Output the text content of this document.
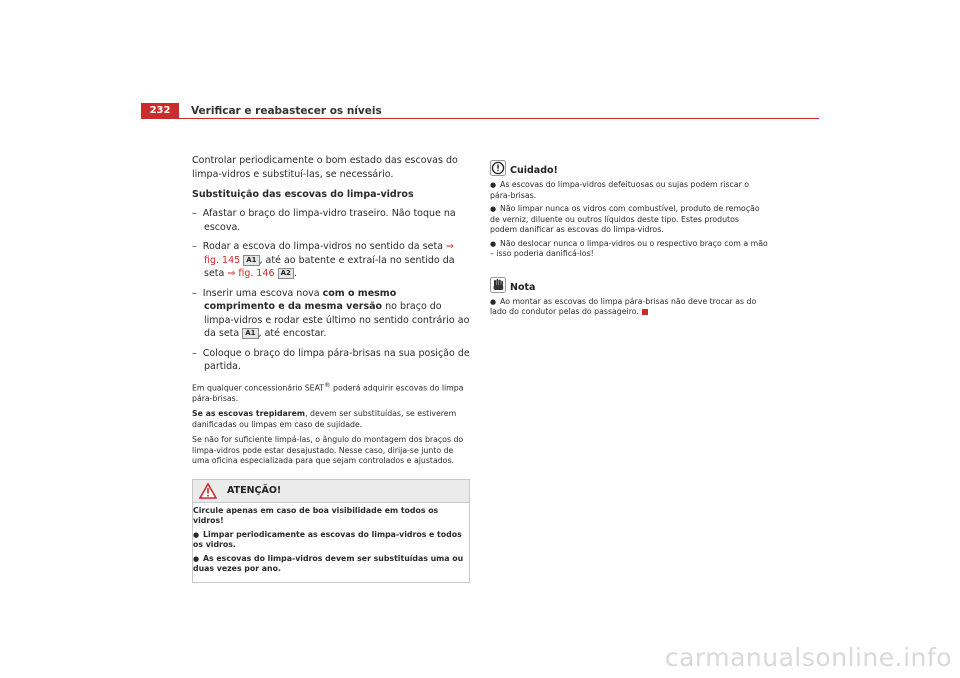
232	Verificar e reabastecer os níveis

Controlar periodicamente o bom estado das escovas do limpa-vidros e substituí-las, se necessário.

Substituição das escovas do limpa-vidros

– Afastar o braço do limpa-vidro traseiro. Não toque na escova.

– Rodar a escova do limpa-vidros no sentido da seta ⇒ fig. 145 A1 , até ao batente e extraí-la no sentido da seta ⇒ fig. 146 A2 .

– Inserir uma escova nova com o mesmo comprimento e da mesma versão no braço do limpa-vidros e rodar este último no sentido contrário ao da seta A1 , até encostar.

– Coloque o braço do limpa pára-brisas na sua posição de partida.

Em qualquer concessionário SEAT® poderá adquirir escovas do limpa pára-brisas.

Se as escovas trepidarem, devem ser substituídas, se estiverem danificadas ou limpas em caso de sujidade.

Se não for suficiente limpá-las, o ângulo do montagem dos braços do limpa-vidros pode estar desajustado. Nesse caso, dirija-se junto de uma oficina especializada para que sejam controlados e ajustados.

ATENÇÃO!

Circule apenas em caso de boa visibilidade em todos os vidros!

● Limpar periodicamente as escovas do limpa-vidros e todos os vidros.

● As escovas do limpa-vidros devem ser substituídas uma ou duas vezes por ano.

Cuidado!

● As escovas do limpa-vidros defeituosas ou sujas podem riscar o pára-brisas.

● Não limpar nunca os vidros com combustível, produto de remoção de verniz, diluente ou outros líquidos deste tipo. Estes produtos podem danificar as escovas do limpa-vidros.

● Não deslocar nunca o limpa-vidros ou o respectivo braço com a mão – isso poderia danificá-los!

Nota

● Ao montar as escovas do limpa pára-brisas não deve trocar as do lado do condutor pelas do passageiro.

carmanualsonline.info
